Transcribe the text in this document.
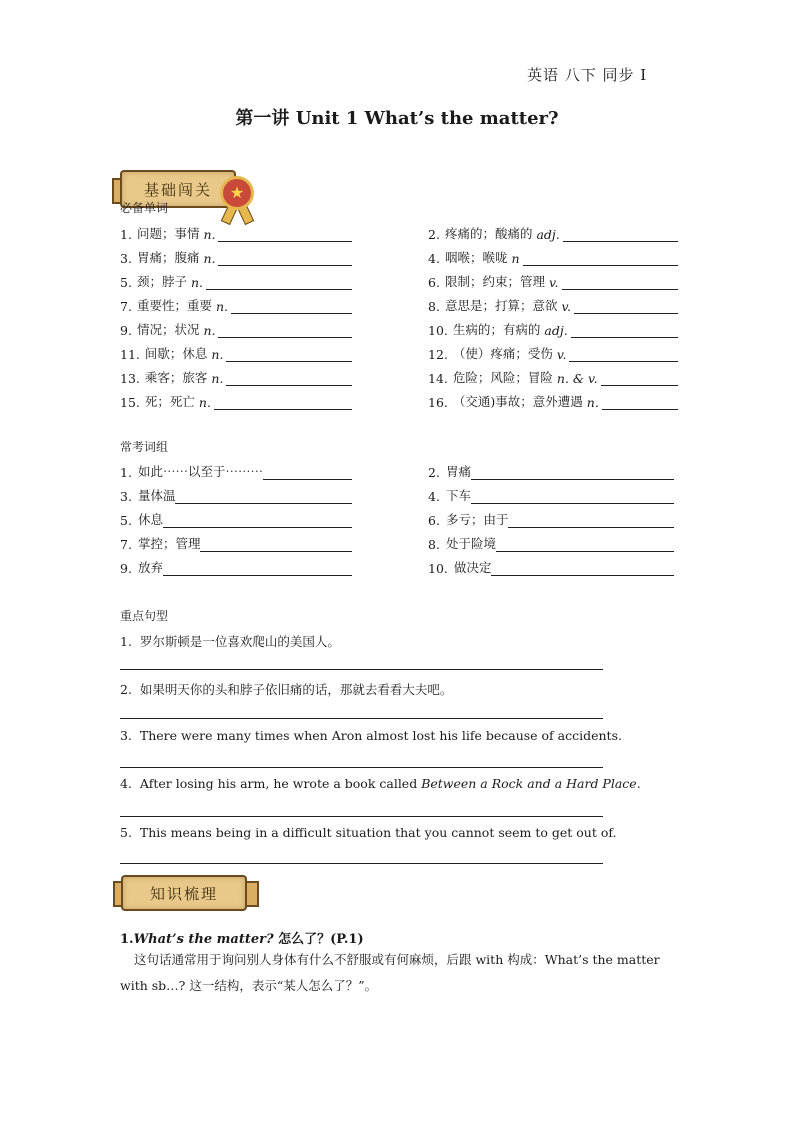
英语 八下 同步 I
第一讲 Unit 1 What’s the matter?
基础闯关	★
必备单词
1. 问题；事情 n.	2. 疼痛的；酸痛的 adj.
3. 胃痛；腹痛 n.	4. 咽喉；喉咙 n
5. 颈；脖子 n.	6. 限制；约束；管理 v.
7. 重要性；重要 n.	8. 意思是；打算；意欲 v.
9. 情况；状况 n.	10. 生病的；有病的 adj.
11. 间歇；休息 n.	12. （使）疼痛；受伤 v.
13. 乘客；旅客 n.	14. 危险；风险；冒险 n. & v.
15. 死；死亡 n.	16. （交通)事故；意外遭遇 n.
常考词组
1. 如此⋯⋯以至于⋯⋯⋯	2. 胃痛
3. 量体温	4. 下车
5. 休息	6. 多亏；由于
7. 掌控；管理	8. 处于险境
9. 放弃	10. 做决定
重点句型
1. 罗尔斯顿是一位喜欢爬山的美国人。
2. 如果明天你的头和脖子依旧痛的话，那就去看看大夫吧。
3. There were many times when Aron almost lost his life because of accidents.
4. After losing his arm, he wrote a book called Between a Rock and a Hard Place.
5. This means being in a difficult situation that you cannot seem to get out of.
知识梳理
1.What’s the matter? 怎么了？(P.1)
这句话通常用于询问别人身体有什么不舒服或有何麻烦，后跟 with 构成：What’s the matter
with sb…? 这一结构，表示“某人怎么了？”。
